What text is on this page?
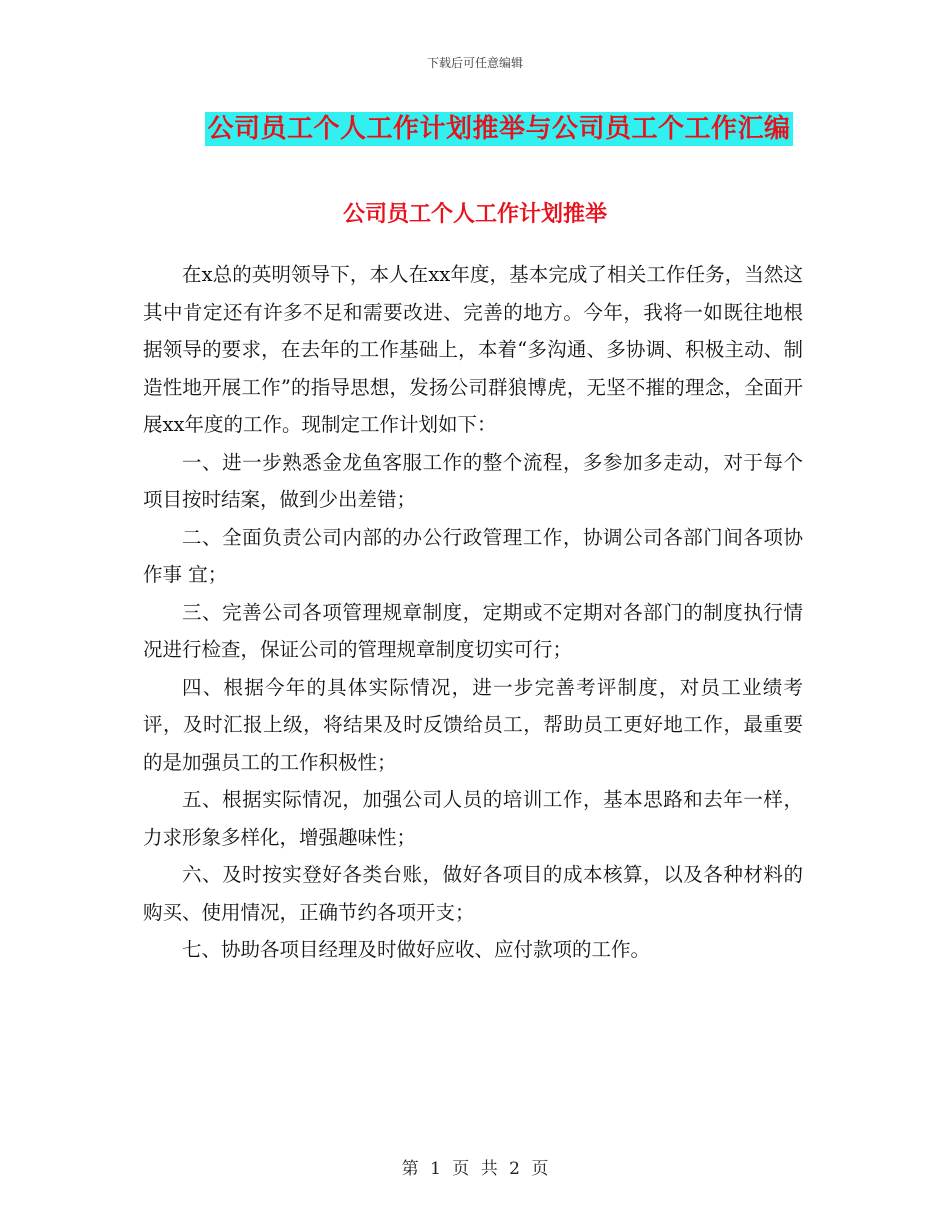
下载后可任意编辑
公司员工个人工作计划推举与公司员工个工作汇编
公司员工个人工作计划推举

在x总的英明领导下，本人在xx年度，基本完成了相关工作任务，当然这其中肯定还有许多不足和需要改进、完善的地方。今年，我将一如既往地根据领导的要求，在去年的工作基础上，本着“多沟通、多协调、积极主动、制造性地开展工作”的指导思想，发扬公司群狼博虎，无坚不摧的理念，全面开展xx年度的工作。现制定工作计划如下：

一、进一步熟悉金龙鱼客服工作的整个流程，多参加多走动，对于每个项目按时结案，做到少出差错；

二、全面负责公司内部的办公行政管理工作，协调公司各部门间各项协作事 宜；

三、完善公司各项管理规章制度，定期或不定期对各部门的制度执行情况进行检查，保证公司的管理规章制度切实可行；

四、根据今年的具体实际情况，进一步完善考评制度，对员工业绩考评，及时汇报上级，将结果及时反馈给员工，帮助员工更好地工作，最重要的是加强员工的工作积极性；

五、根据实际情况，加强公司人员的培训工作，基本思路和去年一样，力求形象多样化，增强趣味性；

六、及时按实登好各类台账，做好各项目的成本核算，以及各种材料的购买、使用情况，正确节约各项开支；

七、协助各项目经理及时做好应收、应付款项的工作。

第 1 页 共 2 页
